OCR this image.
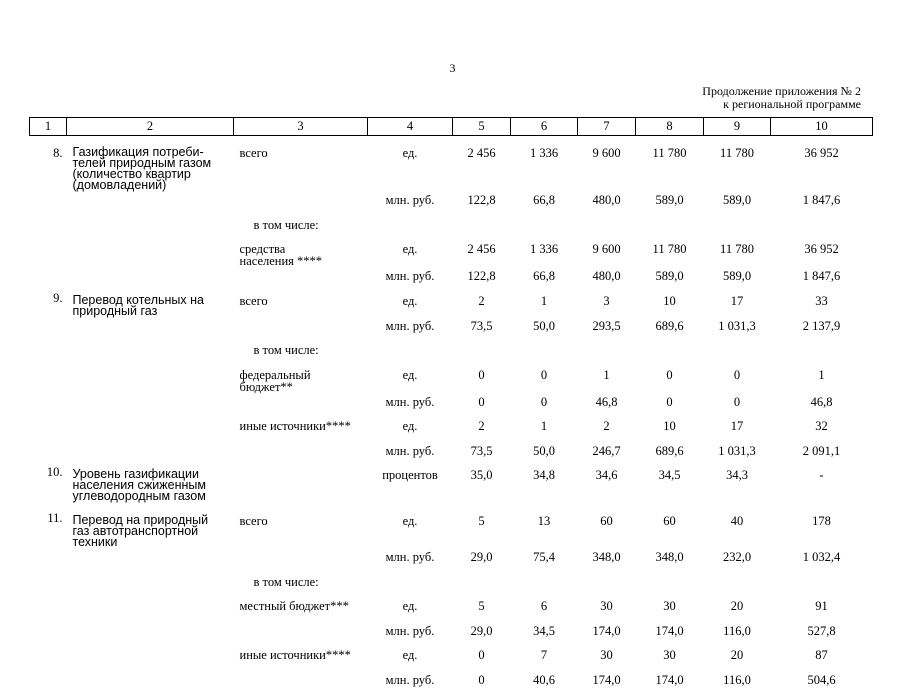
3
Продолжение приложения № 2
к региональной программе
1	2	3	4	5	6	7	8	9	10
8.	Газификация потреби-
телей природным газом
(количество квартир
(домовладений)	всего	ед.	2 456	1 336	9 600	11 780	11 780	36 952
			млн. руб.	122,8	66,8	480,0	589,0	589,0	1 847,6
		в том числе:							
		средства
населения ****	ед.	2 456	1 336	9 600	11 780	11 780	36 952
			млн. руб.	122,8	66,8	480,0	589,0	589,0	1 847,6
9.	Перевод котельных на
природный газ	всего	ед.	2	1	3	10	17	33
			млн. руб.	73,5	50,0	293,5	689,6	1 031,3	2 137,9
		в том числе:							
		федеральный
бюджет**	ед.	0	0	1	0	0	1
			млн. руб.	0	0	46,8	0	0	46,8
		иные источники****	ед.	2	1	2	10	17	32
			млн. руб.	73,5	50,0	246,7	689,6	1 031,3	2 091,1
10.	Уровень газификации
населения сжиженным
углеводородным газом		процентов	35,0	34,8	34,6	34,5	34,3	-
11.	Перевод на природный
газ автотранспортной
техники	всего	ед.	5	13	60	60	40	178
			млн. руб.	29,0	75,4	348,0	348,0	232,0	1 032,4
		в том числе:							
		местный бюджет***	ед.	5	6	30	30	20	91
			млн. руб.	29,0	34,5	174,0	174,0	116,0	527,8
		иные источники****	ед.	0	7	30	30	20	87
			млн. руб.	0	40,6	174,0	174,0	116,0	504,6
